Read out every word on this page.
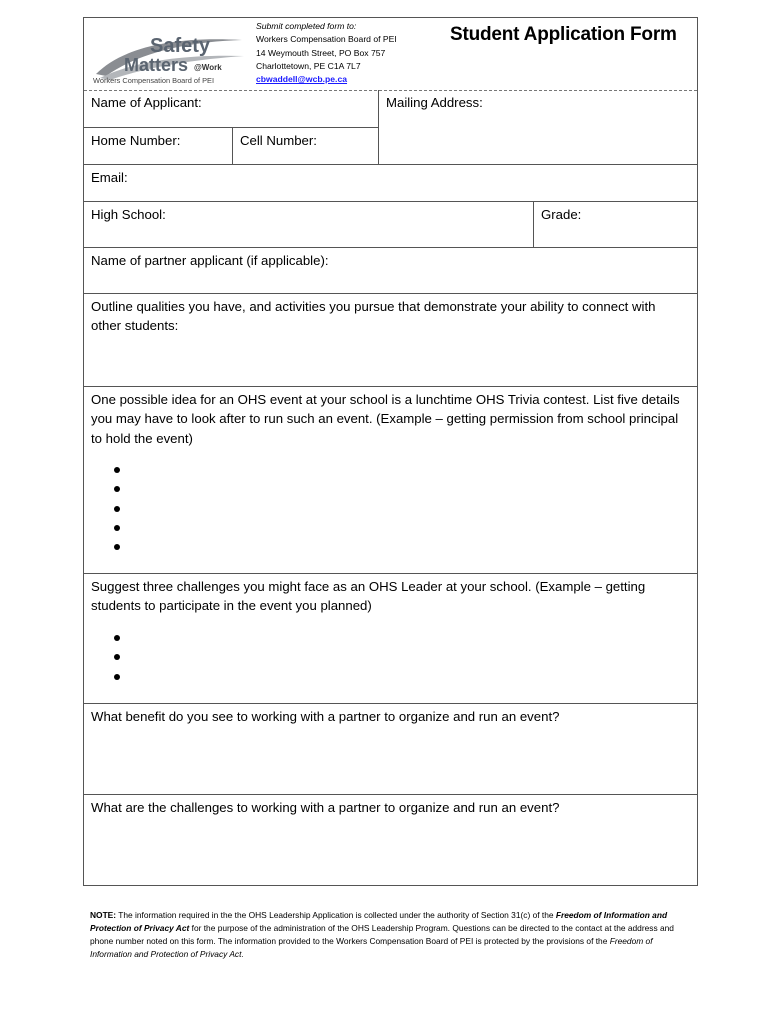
Safety
Matters @Work
Workers Compensation Board of PEI
Submit completed form to:
Workers Compensation Board of PEI
14 Weymouth Street, PO Box 757
Charlottetown, PE C1A 7L7
cbwaddell@wcb.pe.ca
Student Application Form
Name of Applicant:	Mailing Address:
Home Number:	Cell Number:
Email:
High School:	Grade:
Name of partner applicant (if applicable):
Outline qualities you have, and activities you pursue that demonstrate your ability to connect with other students:
One possible idea for an OHS event at your school is a lunchtime OHS Trivia contest. List five details you may have to look after to run such an event. (Example – getting permission from school principal to hold the event)
Suggest three challenges you might face as an OHS Leader at your school. (Example – getting students to participate in the event you planned)
What benefit do you see to working with a partner to organize and run an event?
What are the challenges to working with a partner to organize and run an event?
NOTE: The information required in the the OHS Leadership Application is collected under the authority of Section 31(c) of the Freedom of Information and Protection of Privacy Act for the purpose of the administration of the OHS Leadership Program. Questions can be directed to the contact at the address and phone number noted on this form. The information provided to the Workers Compensation Board of PEI is protected by the provisions of the Freedom of Information and Protection of Privacy Act.
